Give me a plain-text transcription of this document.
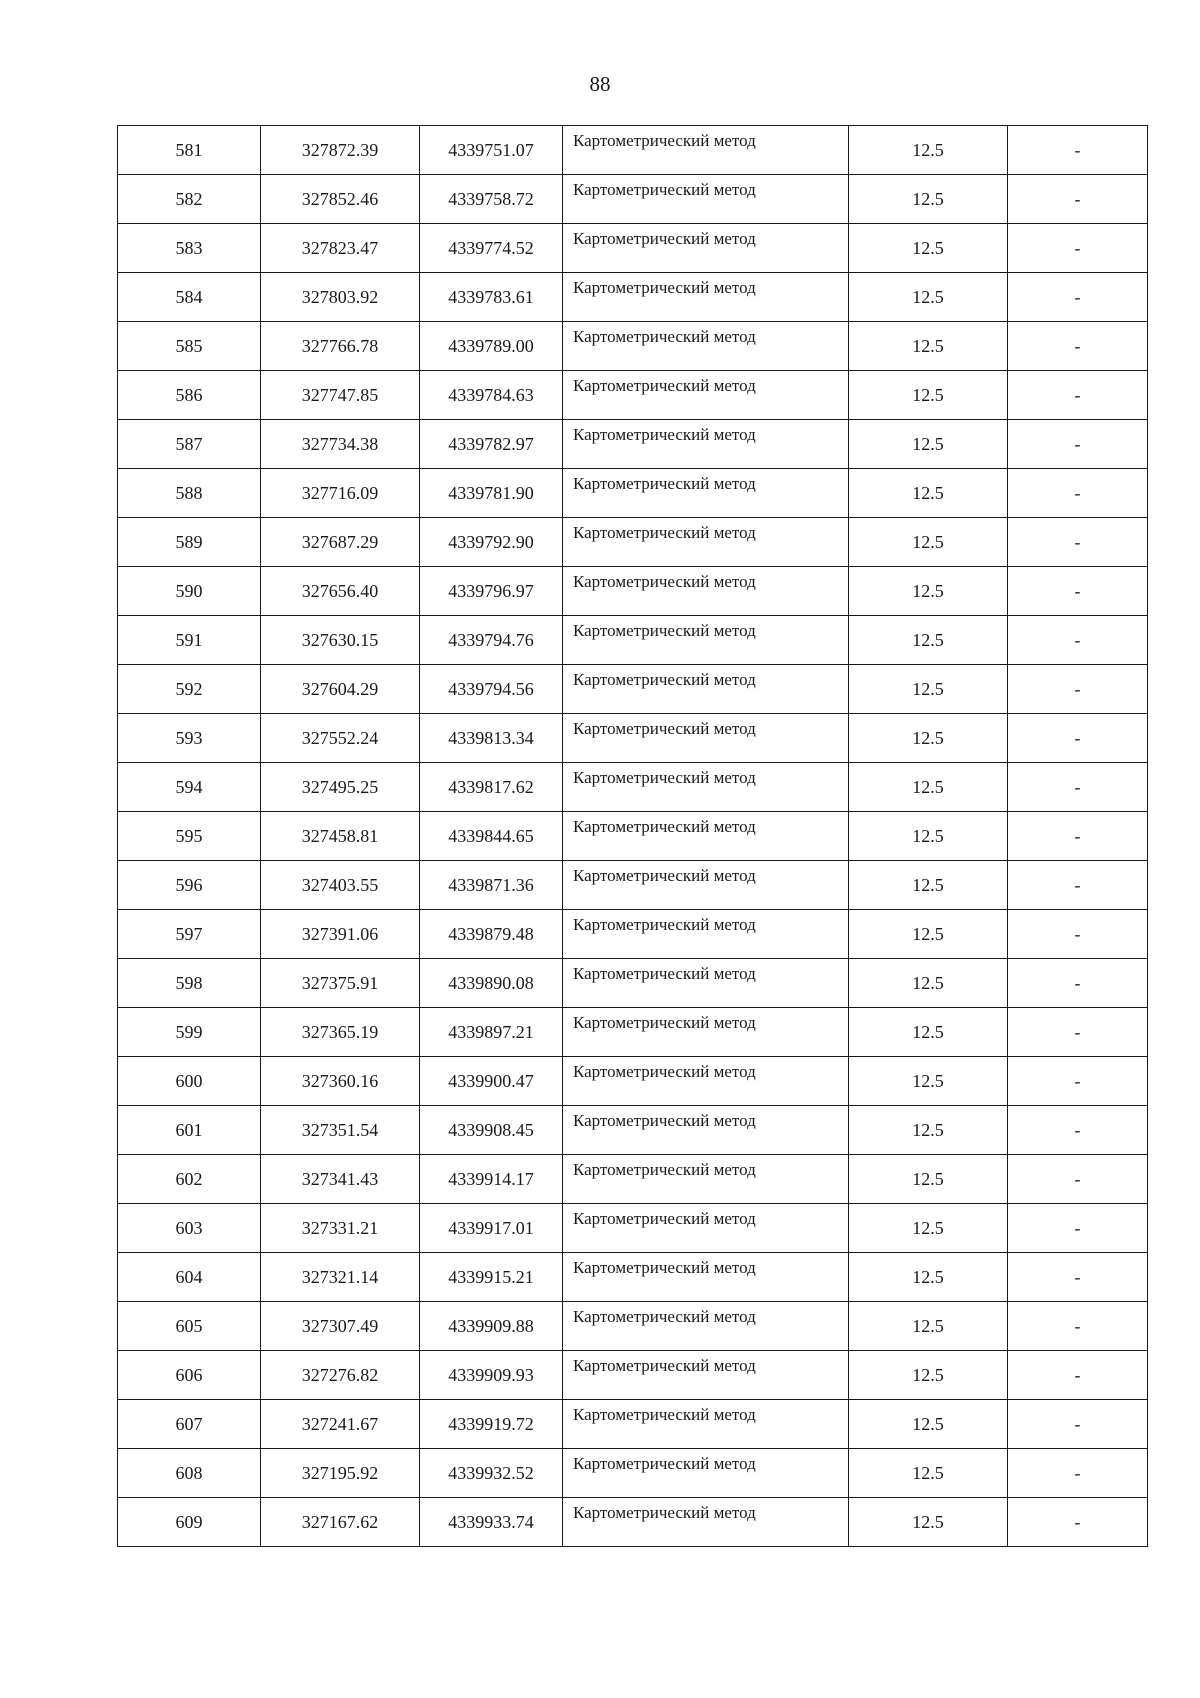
88
581	327872.39	4339751.07	Картометрический метод	12.5	-
582	327852.46	4339758.72	Картометрический метод	12.5	-
583	327823.47	4339774.52	Картометрический метод	12.5	-
584	327803.92	4339783.61	Картометрический метод	12.5	-
585	327766.78	4339789.00	Картометрический метод	12.5	-
586	327747.85	4339784.63	Картометрический метод	12.5	-
587	327734.38	4339782.97	Картометрический метод	12.5	-
588	327716.09	4339781.90	Картометрический метод	12.5	-
589	327687.29	4339792.90	Картометрический метод	12.5	-
590	327656.40	4339796.97	Картометрический метод	12.5	-
591	327630.15	4339794.76	Картометрический метод	12.5	-
592	327604.29	4339794.56	Картометрический метод	12.5	-
593	327552.24	4339813.34	Картометрический метод	12.5	-
594	327495.25	4339817.62	Картометрический метод	12.5	-
595	327458.81	4339844.65	Картометрический метод	12.5	-
596	327403.55	4339871.36	Картометрический метод	12.5	-
597	327391.06	4339879.48	Картометрический метод	12.5	-
598	327375.91	4339890.08	Картометрический метод	12.5	-
599	327365.19	4339897.21	Картометрический метод	12.5	-
600	327360.16	4339900.47	Картометрический метод	12.5	-
601	327351.54	4339908.45	Картометрический метод	12.5	-
602	327341.43	4339914.17	Картометрический метод	12.5	-
603	327331.21	4339917.01	Картометрический метод	12.5	-
604	327321.14	4339915.21	Картометрический метод	12.5	-
605	327307.49	4339909.88	Картометрический метод	12.5	-
606	327276.82	4339909.93	Картометрический метод	12.5	-
607	327241.67	4339919.72	Картометрический метод	12.5	-
608	327195.92	4339932.52	Картометрический метод	12.5	-
609	327167.62	4339933.74	Картометрический метод	12.5	-
